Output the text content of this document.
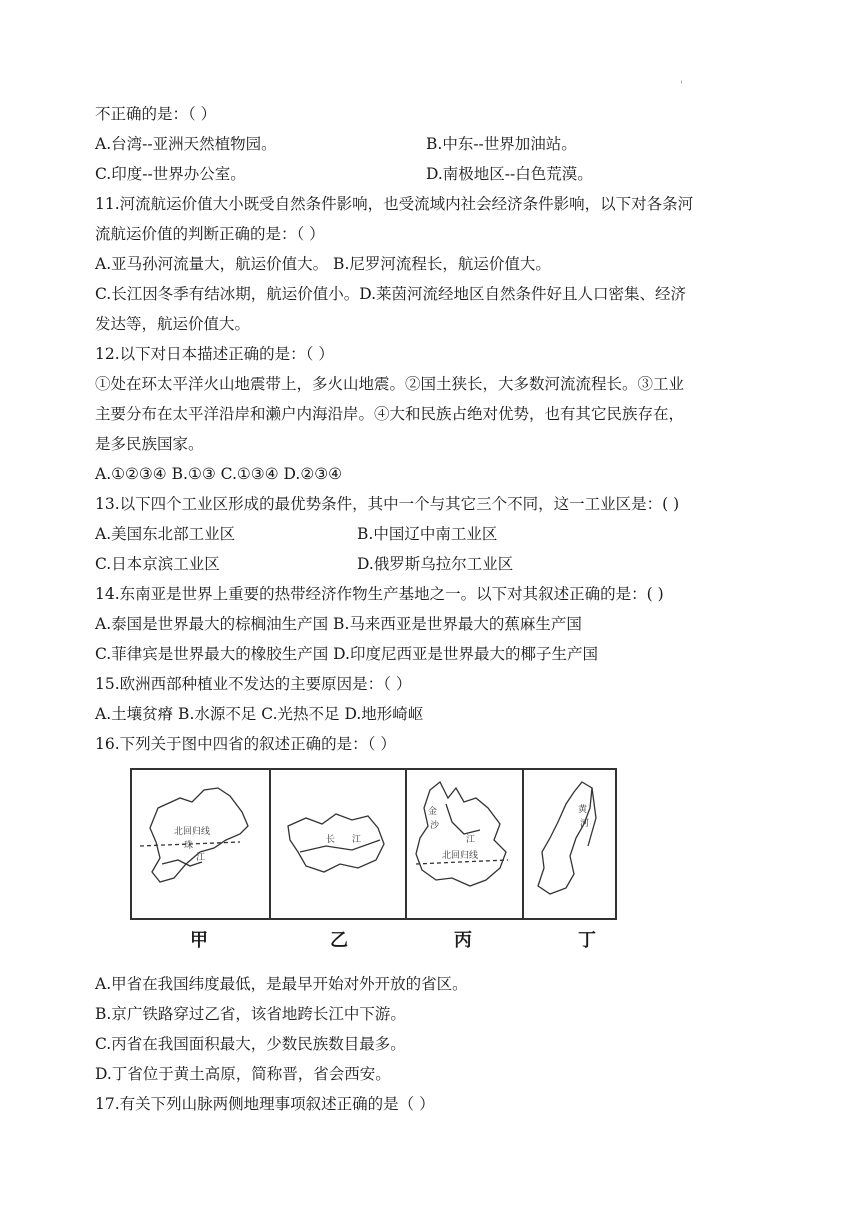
'
不正确的是：（ ）
A.台湾--亚洲天然植物园。	B.中东--世界加油站。
C.印度--世界办公室。	D.南极地区--白色荒漠。
11.河流航运价值大小既受自然条件影响，也受流域内社会经济条件影响，以下对各条河
流航运价值的判断正确的是：（ ）
A.亚马孙河流量大，航运价值大。 B.尼罗河流程长，航运价值大。
C.长江因冬季有结冰期，航运价值小。D.莱茵河流经地区自然条件好且人口密集、经济
发达等，航运价值大。
12.以下对日本描述正确的是：（ ）
①处在环太平洋火山地震带上，多火山地震。②国土狭长，大多数河流流程长。③工业
主要分布在太平洋沿岸和濑户内海沿岸。④大和民族占绝对优势，也有其它民族存在，
是多民族国家。
A.①②③④ B.①③ C.①③④ D.②③④
13.以下四个工业区形成的最优势条件，其中一个与其它三个不同，这一工业区是：( )
A.美国东北部工业区	B.中国辽中南工业区
C.日本京滨工业区	D.俄罗斯乌拉尔工业区
14.东南亚是世界上重要的热带经济作物生产基地之一。以下对其叙述正确的是：( )
A.泰国是世界最大的棕榈油生产国 B.马来西亚是世界最大的蕉麻生产国
C.菲律宾是世界最大的橡胶生产国 D.印度尼西亚是世界最大的椰子生产国
15.欧洲西部种植业不发达的主要原因是：（ ）
A.土壤贫瘠 B.水源不足 C.光热不足 D.地形崎岖
16.下列关于图中四省的叙述正确的是：（ ）
北回归线
珠
江
长 江
金
沙
江
北回归线
黄
河
甲	乙	丙	丁
A.甲省在我国纬度最低，是最早开始对外开放的省区。
B.京广铁路穿过乙省，该省地跨长江中下游。
C.丙省在我国面积最大，少数民族数目最多。
D.丁省位于黄土高原，简称晋，省会西安。
17.有关下列山脉两侧地理事项叙述正确的是（ ）
